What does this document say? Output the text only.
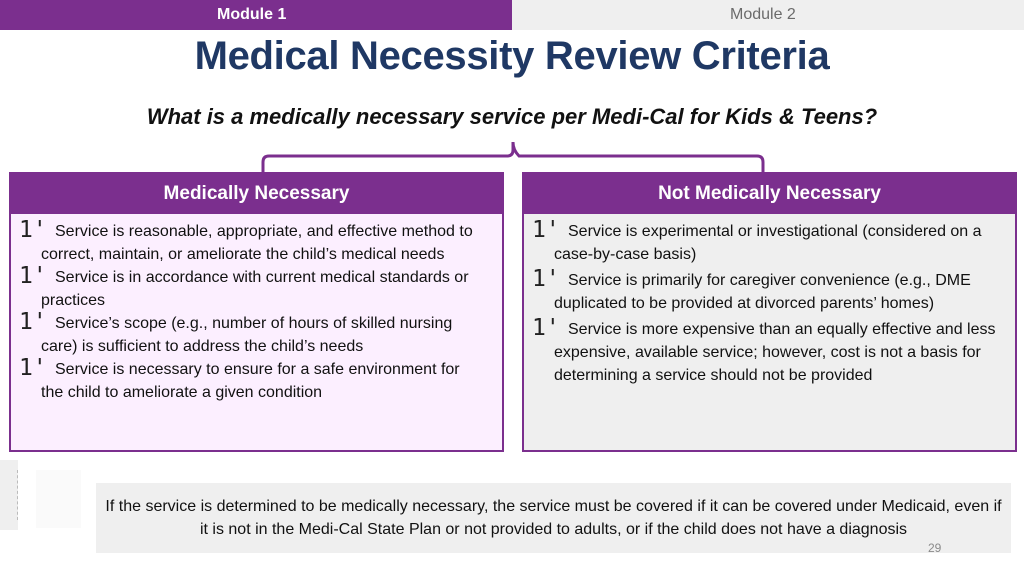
Module 1	Module 2
Medical Necessity Review Criteria
What is a medically necessary service per Medi-Cal for Kids & Teens?
Medically Necessary
1' Service is reasonable, appropriate, and effective method to correct, maintain, or ameliorate the child’s medical needs
1' Service is in accordance with current medical standards or practices
1' Service’s scope (e.g., number of hours of skilled nursing care) is sufficient to address the child’s needs
1' Service is necessary to ensure for a safe environment for the child to ameliorate a given condition
Not Medically Necessary
1' Service is experimental or investigational (considered on a case-by-case basis)
1' Service is primarily for caregiver convenience (e.g., DME duplicated to be provided at divorced parents’ homes)
1' Service is more expensive than an equally effective and less expensive, available service; however, cost is not a basis for determining a service should not be provided
If the service is determined to be medically necessary, the service must be covered if it can be covered under Medicaid, even if it is not in the Medi-Cal State Plan or not provided to adults, or if the child does not have a diagnosis
29
